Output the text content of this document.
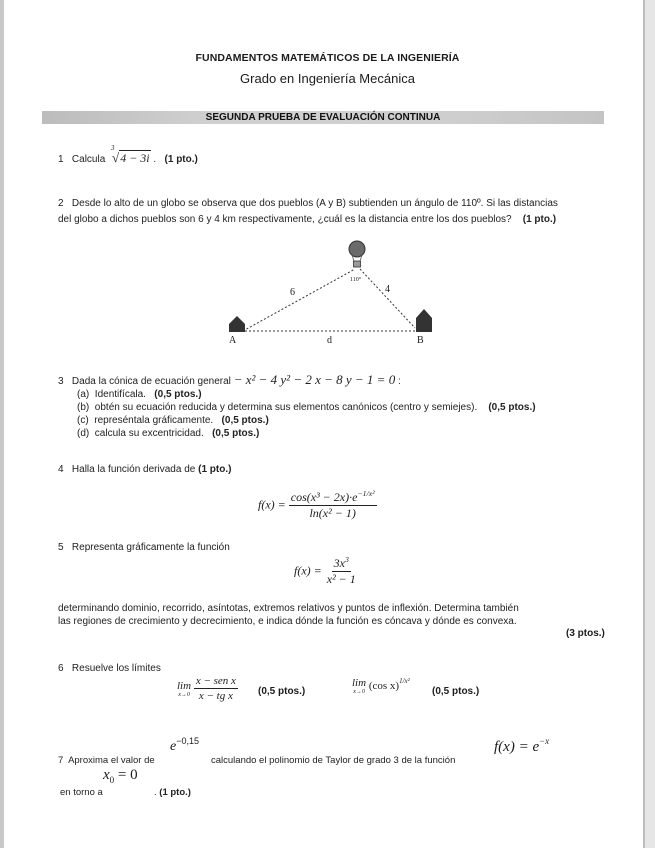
FUNDAMENTOS MATEMÁTICOS DE LA INGENIERÍA
Grado en Ingeniería Mecánica
SEGUNDA PRUEBA DE EVALUACIÓN CONTINUA
1 Calcula
3
√4 − 3i . (1 pto.)
2 Desde lo alto de un globo se observa que dos pueblos (A y B) subtienden un ángulo de 110º. Si las distancias
del globo a dichos pueblos son 6 y 4 km respectivamente, ¿cuál es la distancia entre los dos pueblos? (1 pto.)
110°
6	4
A	d	B
3 Dada la cónica de ecuación general − x² − 4 y² − 2 x − 8 y − 1 = 0 :
(a) Identifícala. (0,5 ptos.)
(b) obtén su ecuación reducida y determina sus elementos canónicos (centro y semiejes). (0,5 ptos.)
(c) represéntala gráficamente. (0,5 ptos.)
(d) calcula su excentricidad. (0,5 ptos.)
4 Halla la función derivada de (1 pto.)
$f(x) = \frac{\cos(x^3 - 2x)\cdot e^{-1/x^2}}{\text{ln(x² − 1)}}$
5 Representa gráficamente la función
$f(x) = \frac{3x^3}{\text{x² − 1}}$
determinando dominio, recorrido, asíntotas, extremos relativos y puntos de inflexión. Determina también
las regiones de crecimiento y decrecimiento, e indica dónde la función es cóncava y dónde es convexa.
(3 ptos.)
6 Resuelve los límites
lim
x→0
$\frac{\text{x − sen x}}{\text{x − tg x}} (0,5$ ptos.)
lim
x→0 (cos x)$^{1/x^2}$
(0,5 ptos.)
$e^{-0,15}$	$f(x) = e^{-x}$
7 Aproxima el valor de	calculando el polinomio de Taylor de grado 3 de la función
$x_0 = 0$
en torno a	. (1 pto.)
